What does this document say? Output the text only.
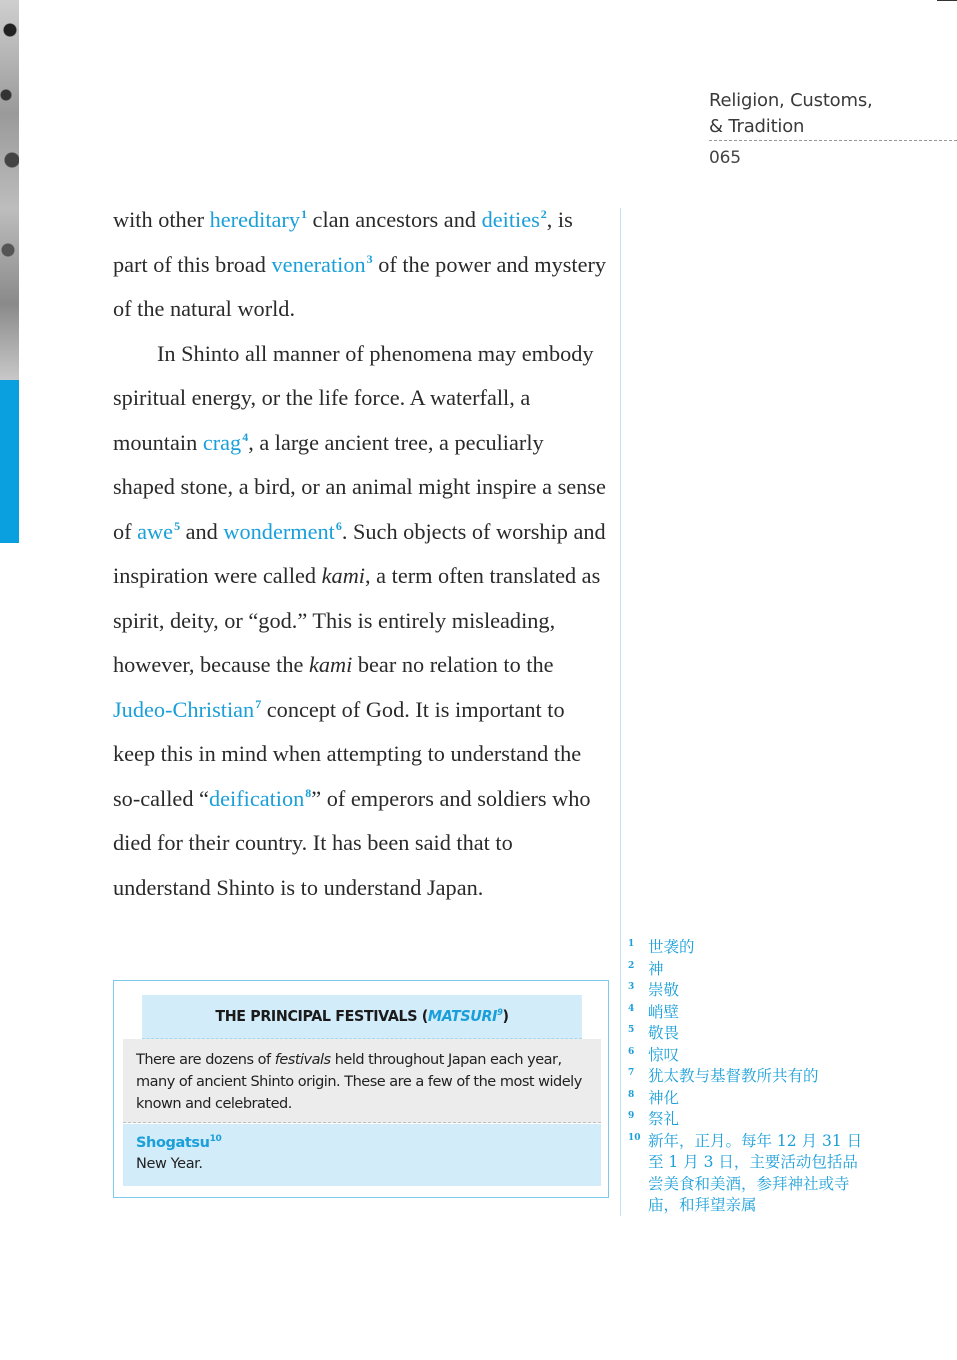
Religion, Customs,
& Tradition
065

with other hereditary$^1$ clan ancestors and deities$^2$, is part of this broad veneration$^3$ of the power and mystery of the natural world.

In Shinto all manner of phenomena may embody spiritual energy, or the life force. A waterfall, a mountain crag$^4$, a large ancient tree, a peculiarly shaped stone, a bird, or an animal might inspire a sense of awe$^5$ and wonderment$^6$. Such objects of worship and inspiration were called kami, a term often translated as spirit, deity, or “god.” This is entirely misleading, however, because the kami bear no relation to the Judeo-Christian$^7$ concept of God. It is important to keep this in mind when attempting to understand the so-called “deification$^8$” of emperors and soldiers who died for their country. It has been said that to understand Shinto is to understand Japan.

THE PRINCIPAL FESTIVALS (MATSURI$^9$)
There are dozens of festivals held throughout Japan each year, many of ancient Shinto origin. These are a few of the most widely known and celebrated.
Shogatsu$^{10}$
New Year.
1 世袭的
2 神
3 崇敬
4 峭壁
5 敬畏
6 惊叹
7 犹太教与基督教所共有的
8 神化
9 祭礼
10 新年，正月。每年 12 月 31 日至 1 月 3 日，主要活动包括品尝美食和美酒，参拜神社或寺庙，和拜望亲属
